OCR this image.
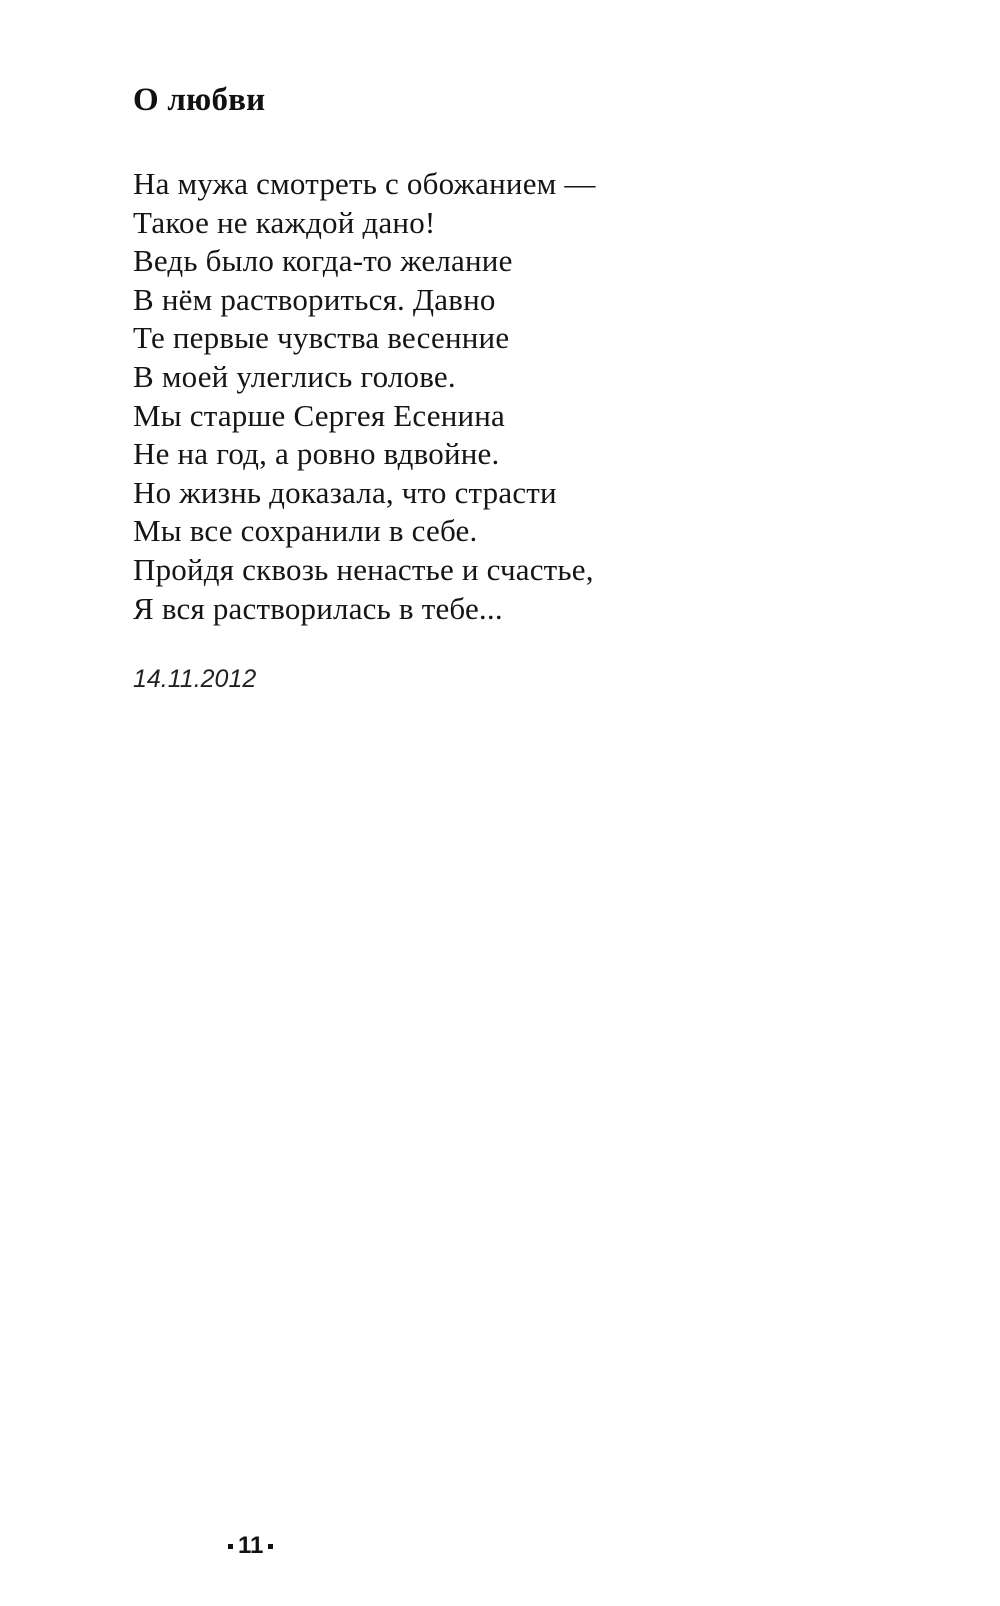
О любви
На мужа смотреть с обожанием —
Такое не каждой дано!
Ведь было когда-то желание
В нём раствориться. Давно
Те первые чувства весенние
В моей улеглись голове.
Мы старше Сергея Есенина
Не на год, а ровно вдвойне.
Но жизнь доказала, что страсти
Мы все сохранили в себе.
Пройдя сквозь ненастье и счастье,
Я вся растворилась в тебе...
14.11.2012
11
